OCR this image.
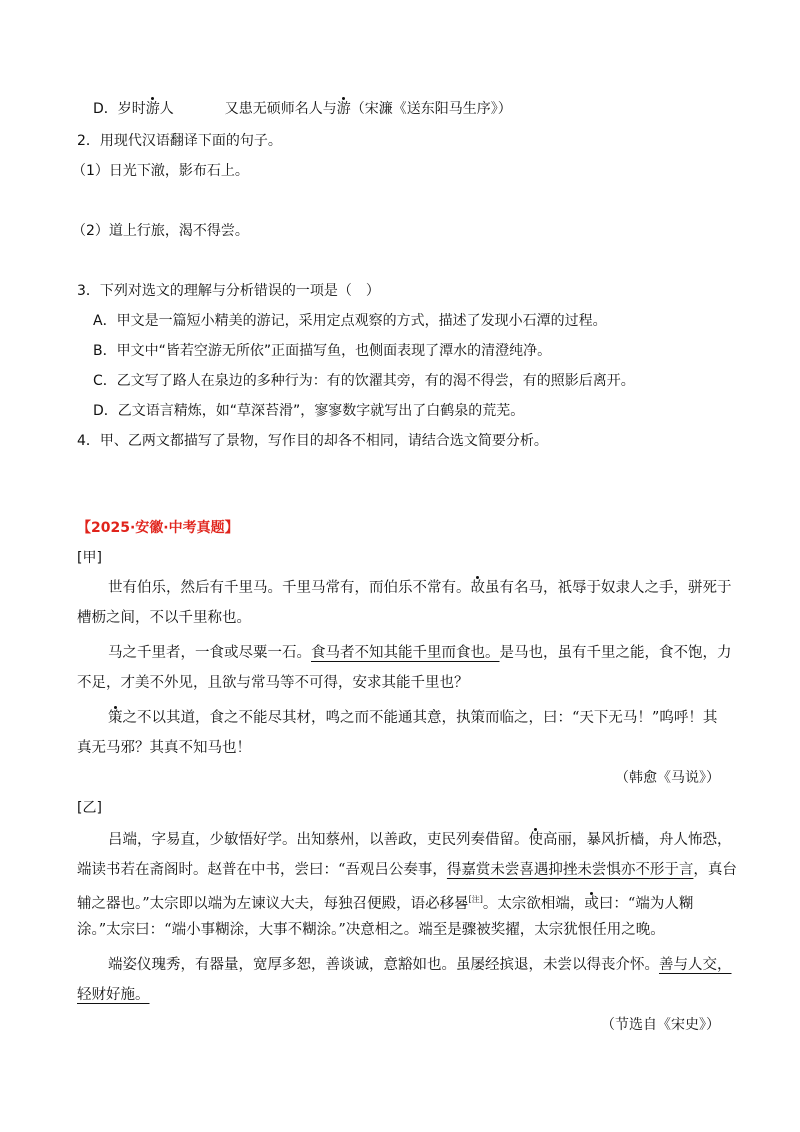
D．岁时游人	又患无硕师名人与游（宋濂《送东阳马生序》）
2．用现代汉语翻译下面的句子。
（1）日光下澈，影布石上。
（2）道上行旅，渴不得尝。
3．下列对选文的理解与分析错误的一项是（　）
A．甲文是一篇短小精美的游记，采用定点观察的方式，描述了发现小石潭的过程。
B．甲文中“皆若空游无所依”正面描写鱼，也侧面表现了潭水的清澄纯净。
C．乙文写了路人在泉边的多种行为：有的饮濯其旁，有的渴不得尝，有的照影后离开。
D．乙文语言精炼，如“草深苔滑”，寥寥数字就写出了白鹤泉的荒芜。
4．甲、乙两文都描写了景物，写作目的却各不相同，请结合选文简要分析。
【2025·安徽·中考真题】
[甲]
世有伯乐，然后有千里马。千里马常有，而伯乐不常有。故虽有名马，祇辱于奴隶人之手，骈死于
槽枥之间，不以千里称也。
马之千里者，一食或尽粟一石。食马者不知其能千里而食也。是马也，虽有千里之能，食不饱，力
不足，才美不外见，且欲与常马等不可得，安求其能千里也？
策之不以其道，食之不能尽其材，鸣之而不能通其意，执策而临之，曰：“天下无马！”呜呼！其
真无马邪？其真不知马也！
（韩愈《马说》）
[乙]
吕端，字易直，少敏悟好学。出知蔡州，以善政，吏民列奏借留。使高丽，暴风折樯，舟人怖恐，
端读书若在斋阁时。赵普在中书，尝曰：“吾观吕公奏事，得嘉赏未尝喜遇抑挫未尝惧亦不形于言，真台
辅之器也。”太宗即以端为左谏议大夫，每独召便殿，语必移晷[注]。太宗欲相端，或曰：“端为人糊
涂。”太宗曰：“端小事糊涂，大事不糊涂。”决意相之。端至是骤被奖擢，太宗犹恨任用之晚。
端姿仪瑰秀，有器量，宽厚多恕，善谈诚，意豁如也。虽屡经摈退，未尝以得丧介怀。善与人交，
轻财好施。
（节选自《宋史》）
